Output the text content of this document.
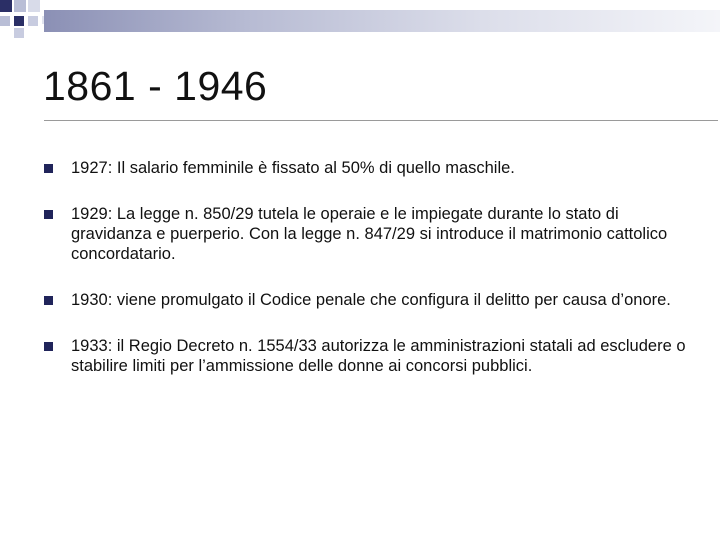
1861 - 1946
1927: Il salario femminile è fissato al 50% di quello maschile.
1929: La legge n. 850/29 tutela le operaie e le impiegate durante lo stato di gravidanza e puerperio. Con la legge n. 847/29 si introduce il matrimonio cattolico concordatario.
1930: viene promulgato il Codice penale che configura il delitto per causa d’onore.
1933: il Regio Decreto n. 1554/33 autorizza le amministrazioni statali ad escludere o stabilire limiti per l’ammissione delle donne ai concorsi pubblici.
